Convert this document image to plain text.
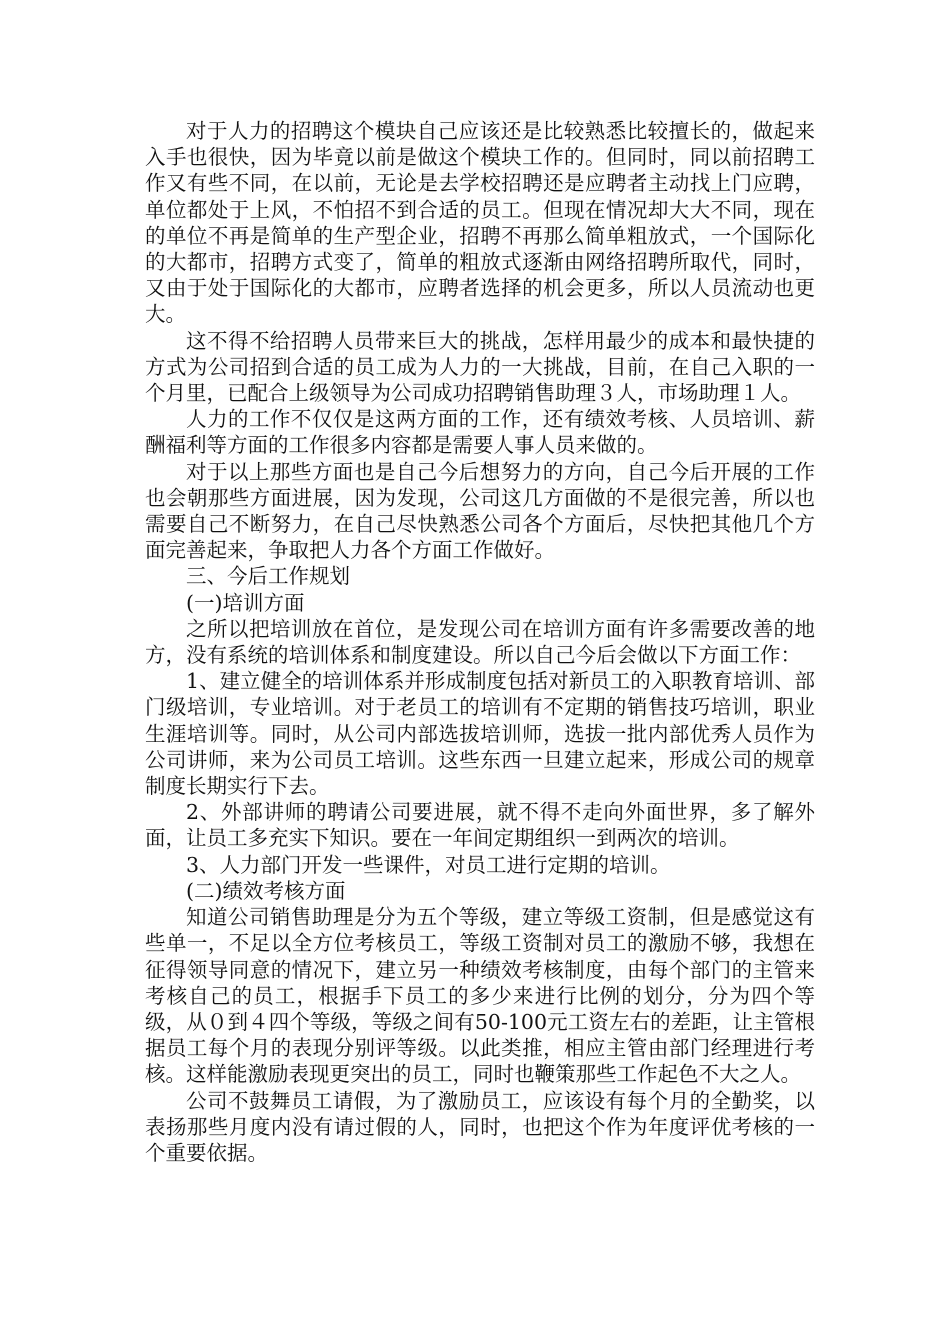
对于人力的招聘这个模块自己应该还是比较熟悉比较擅长的，做起来入手也很快，因为毕竟以前是做这个模块工作的。但同时，同以前招聘工作又有些不同，在以前，无论是去学校招聘还是应聘者主动找上门应聘，单位都处于上风，不怕招不到合适的员工。但现在情况却大大不同，现在的单位不再是简单的生产型企业，招聘不再那么简单粗放式，一个国际化的大都市，招聘方式变了，简单的粗放式逐渐由网络招聘所取代，同时，又由于处于国际化的大都市，应聘者选择的机会更多，所以人员流动也更大。

这不得不给招聘人员带来巨大的挑战，怎样用最少的成本和最快捷的方式为公司招到合适的员工成为人力的一大挑战，目前，在自己入职的一个月里，已配合上级领导为公司成功招聘销售助理３人，市场助理１人。

人力的工作不仅仅是这两方面的工作，还有绩效考核、人员培训、薪酬福利等方面的工作很多内容都是需要人事人员来做的。

对于以上那些方面也是自己今后想努力的方向，自己今后开展的工作也会朝那些方面进展，因为发现，公司这几方面做的不是很完善，所以也需要自己不断努力，在自己尽快熟悉公司各个方面后，尽快把其他几个方面完善起来，争取把人力各个方面工作做好。

三、今后工作规划

(一)培训方面

之所以把培训放在首位，是发现公司在培训方面有许多需要改善的地方，没有系统的培训体系和制度建设。所以自己今后会做以下方面工作：

1、建立健全的培训体系并形成制度包括对新员工的入职教育培训、部门级培训，专业培训。对于老员工的培训有不定期的销售技巧培训，职业生涯培训等。同时，从公司内部选拔培训师，选拔一批内部优秀人员作为公司讲师，来为公司员工培训。这些东西一旦建立起来，形成公司的规章制度长期实行下去。

2、外部讲师的聘请公司要进展，就不得不走向外面世界，多了解外面，让员工多充实下知识。要在一年间定期组织一到两次的培训。

3、人力部门开发一些课件，对员工进行定期的培训。

(二)绩效考核方面

知道公司销售助理是分为五个等级，建立等级工资制，但是感觉这有些单一，不足以全方位考核员工，等级工资制对员工的激励不够，我想在征得领导同意的情况下，建立另一种绩效考核制度，由每个部门的主管来考核自己的员工，根据手下员工的多少来进行比例的划分，分为四个等级，从０到４四个等级，等级之间有50-100元工资左右的差距，让主管根据员工每个月的表现分别评等级。以此类推，相应主管由部门经理进行考核。这样能激励表现更突出的员工，同时也鞭策那些工作起色不大之人。

公司不鼓舞员工请假，为了激励员工，应该设有每个月的全勤奖，以表扬那些月度内没有请过假的人，同时，也把这个作为年度评优考核的一个重要依据。
